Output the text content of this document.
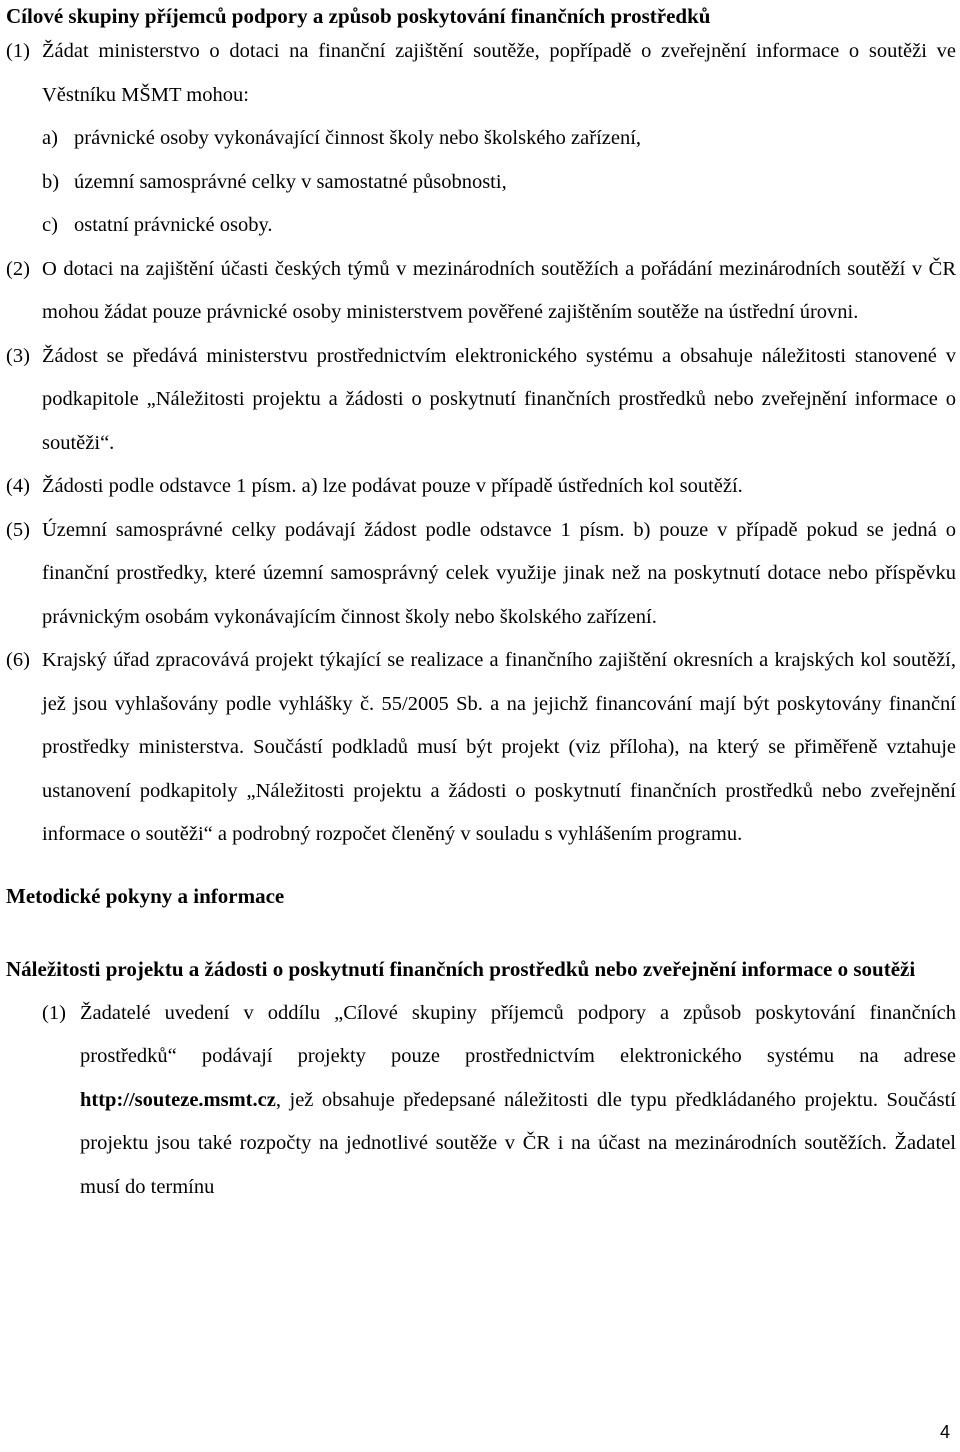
Cílové skupiny příjemců podpory a způsob poskytování finančních prostředků
(1) Žádat ministerstvo o dotaci na finanční zajištění soutěže, popřípadě o zveřejnění informace o soutěži ve Věstníku MŠMT mohou:
a) právnické osoby vykonávající činnost školy nebo školského zařízení,
b) územní samosprávné celky v samostatné působnosti,
c) ostatní právnické osoby.
(2) O dotaci na zajištění účasti českých týmů v mezinárodních soutěžích a pořádání mezinárodních soutěží v ČR mohou žádat pouze právnické osoby ministerstvem pověřené zajištěním soutěže na ústřední úrovni.
(3) Žádost se předává ministerstvu prostřednictvím elektronického systému a obsahuje náležitosti stanovené v podkapitole „Náležitosti projektu a žádosti o poskytnutí finančních prostředků nebo zveřejnění informace o soutěži“.
(4) Žádosti podle odstavce 1 písm. a) lze podávat pouze v případě ústředních kol soutěží.
(5) Územní samosprávné celky podávají žádost podle odstavce 1 písm. b) pouze v případě pokud se jedná o finanční prostředky, které územní samosprávný celek využije jinak než na poskytnutí dotace nebo příspěvku právnickým osobám vykonávajícím činnost školy nebo školského zařízení.
(6) Krajský úřad zpracovává projekt týkající se realizace a finančního zajištění okresních a krajských kol soutěží, jež jsou vyhlašovány podle vyhlášky č. 55/2005 Sb. a na jejichž financování mají být poskytovány finanční prostředky ministerstva. Součástí podkladů musí být projekt (viz příloha), na který se přiměřeně vztahuje ustanovení podkapitoly „Náležitosti projektu a žádosti o poskytnutí finančních prostředků nebo zveřejnění informace o soutěži“ a podrobný rozpočet členěný v souladu s vyhlášením programu.
Metodické pokyny a informace
Náležitosti projektu a žádosti o poskytnutí finančních prostředků nebo zveřejnění informace o soutěži
(1) Žadatelé uvedení v oddílu „Cílové skupiny příjemců podpory a způsob poskytování finančních prostředků“ podávají projekty pouze prostřednictvím elektronického systému na adrese http://souteze.msmt.cz, jež obsahuje předepsané náležitosti dle typu předkládaného projektu. Součástí projektu jsou také rozpočty na jednotlivé soutěže v ČR i na účast na mezinárodních soutěžích. Žadatel musí do termínu
4
